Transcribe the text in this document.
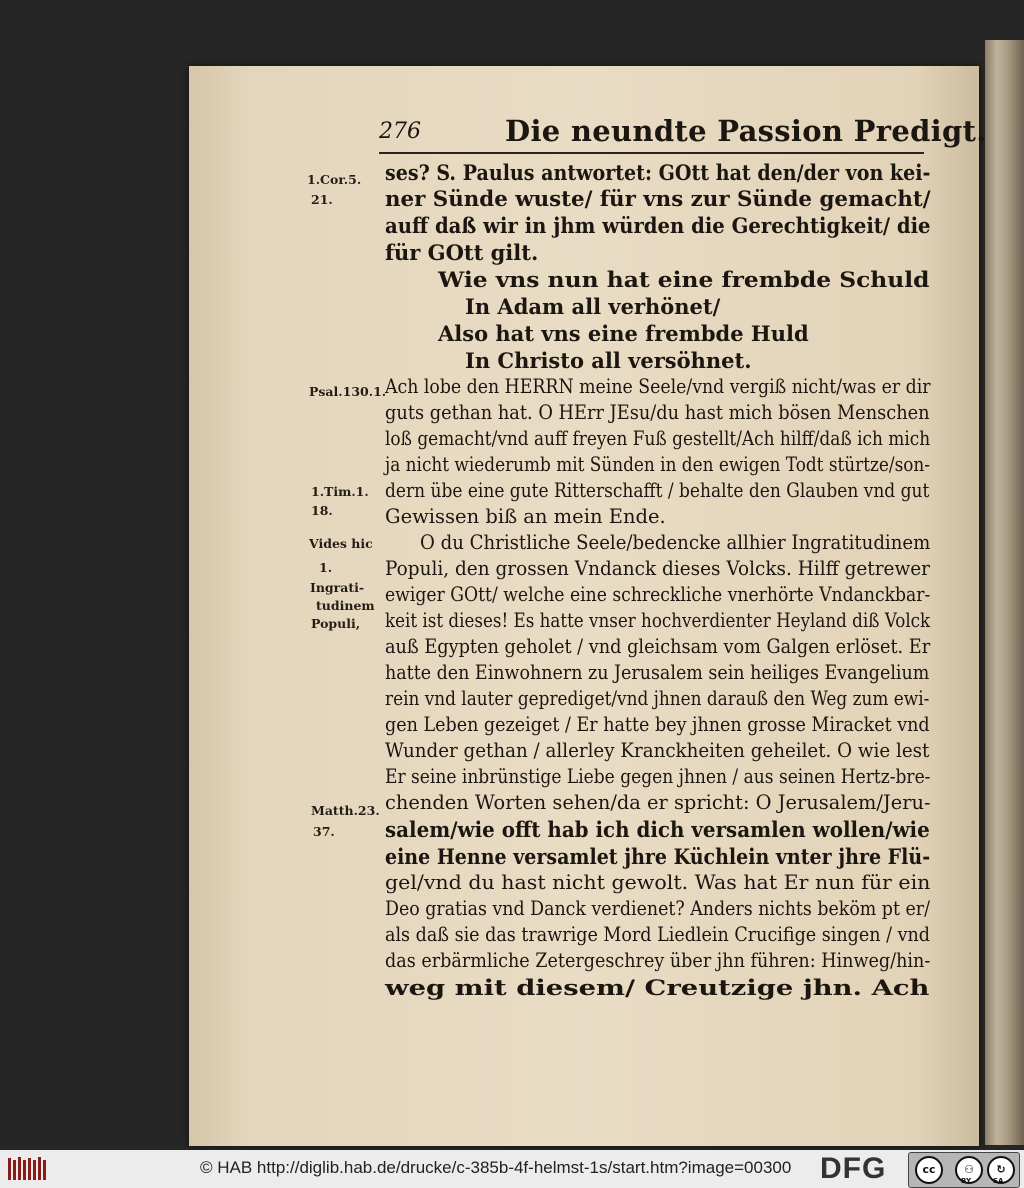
276	Die neundte Passion Predigt.
1.Cor.5.
21.
Psal.130.1.
1.Tim.1.
18.
Vides hic
1.
Ingrati-
tudinem
Populi,
Matth.23.
37.
ses? S. Paulus antwortet: GOtt hat den/der von kei-
ner Sünde wuste/ für vns zur Sünde gemacht/
auff daß wir in jhm würden die Gerechtigkeit/ die
für GOtt gilt.
Wie vns nun hat eine frembde Schuld
In Adam all verhönet/
Also hat vns eine frembde Huld
In Christo all versöhnet.
Ach lobe den HERRN meine Seele/vnd vergiß nicht/was er dir
guts gethan hat. O HErr JEsu/du hast mich bösen Menschen
loß gemacht/vnd auff freyen Fuß gestellt/Ach hilff/daß ich mich
ja nicht wiederumb mit Sünden in den ewigen Todt stürtze/son-
dern übe eine gute Ritterschafft / behalte den Glauben vnd gut
Gewissen biß an mein Ende.
O du Christliche Seele/bedencke allhier Ingratitudinem
Populi, den grossen Vndanck dieses Volcks. Hilff getrewer
ewiger GOtt/ welche eine schreckliche vnerhörte Vndanckbar-
keit ist dieses! Es hatte vnser hochverdienter Heyland diß Volck
auß Egypten geholet / vnd gleichsam vom Galgen erlöset. Er
hatte den Einwohnern zu Jerusalem sein heiliges Evangelium
rein vnd lauter geprediget/vnd jhnen darauß den Weg zum ewi-
gen Leben gezeiget / Er hatte bey jhnen grosse Miracket vnd
Wunder gethan / allerley Kranckheiten geheilet. O wie lest
Er seine inbrünstige Liebe gegen jhnen / aus seinen Hertz-bre-
chenden Worten sehen/da er spricht: O Jerusalem/Jeru-
salem/wie offt hab ich dich versamlen wollen/wie
eine Henne versamlet jhre Küchlein vnter jhre Flü-
gel/vnd du hast nicht gewolt. Was hat Er nun für ein
Deo gratias vnd Danck verdienet? Anders nichts beköm pt er/
als daß sie das trawrige Mord Liedlein Crucifige singen / vnd
das erbärmliche Zetergeschrey über jhn führen: Hinweg/hin-
weg mit diesem/ Creutzige jhn. Ach
© HAB http://diglib.hab.de/drucke/c-385b-4f-helmst-1s/start.htm?image=00300 DFG	cc	⚇	↻
BY	SA
